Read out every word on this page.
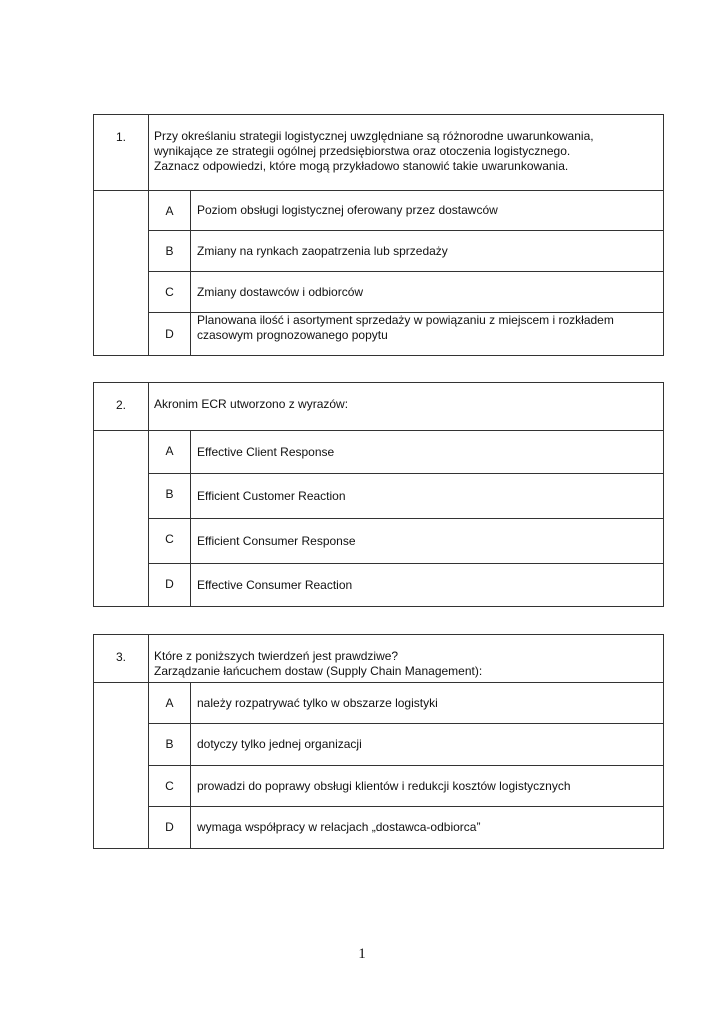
1.	Przy określaniu strategii logistycznej uwzględniane są różnorodne uwarunkowania,
wynikające ze strategii ogólnej przedsiębiorstwa oraz otoczenia logistycznego.
Zaznacz odpowiedzi, które mogą przykładowo stanowić takie uwarunkowania.	

	A	Poziom obsługi logistycznej oferowany przez dostawców
	B	Zmiany na rynkach zaopatrzenia lub sprzedaży
	C	Zmiany dostawców i odbiorców
	D	Planowana ilość i asortyment sprzedaży w powiązaniu z miejscem i rozkładem czasowym prognozowanego popytu
2.	Akronim ECR utworzono z wyrazów:	

	A	Effective Client Response
	B	Efficient Customer Reaction
	C	Efficient Consumer Response
	D	Effective Consumer Reaction
3.	Które z poniższych twierdzeń jest prawdziwe?
Zarządzanie łańcuchem dostaw (Supply Chain Management):	

	A	należy rozpatrywać tylko w obszarze logistyki
	B	dotyczy tylko jednej organizacji
	C	prowadzi do poprawy obsługi klientów i redukcji kosztów logistycznych
	D	wymaga współpracy w relacjach „dostawca-odbiorca”
1
